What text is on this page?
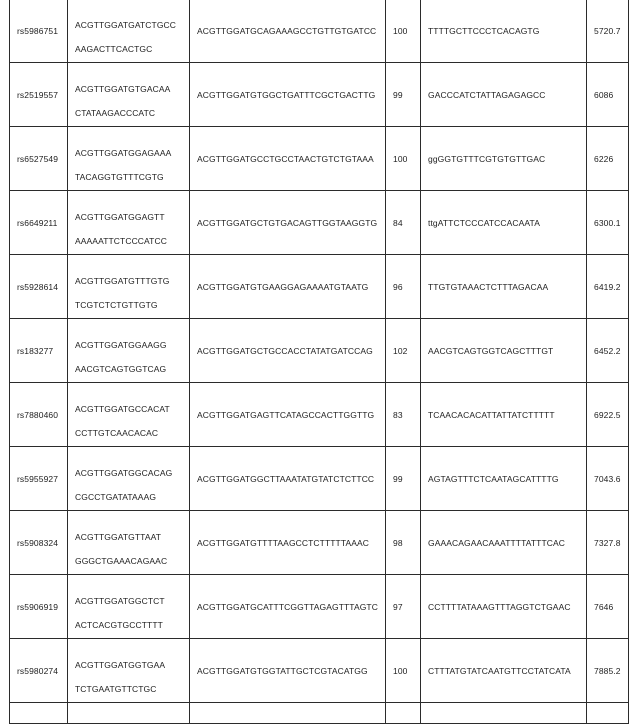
rs5986751	ACGTTGGATGATCTGCC
AAGACTTCACTGC	ACGTTGGATGCAGAAAGCCTGTTGTGATCC	100	TTTTGCTTCCCTCACAGTG	5720.7

rs2519557	ACGTTGGATGTGACAA
CTATAAGACCCATC	ACGTTGGATGTGGCTGATTTCGCTGACTTG	99	GACCCATCTATTAGAGAGCC	6086

rs6527549	ACGTTGGATGGAGAAA
TACAGGTGTTTCGTG	ACGTTGGATGCCTGCCTAACTGTCTGTAAA	100	ggGGTGTTTCGTGTGTTGAC	6226

rs6649211	ACGTTGGATGGAGTT
AAAAATTCTCCCATCC	ACGTTGGATGCTGTGACAGTTGGTAAGGTG	84	ttgATTCTCCCATCCACAATA	6300.1

rs5928614	ACGTTGGATGTTTGTG
TCGTCTCTGTTGTG	ACGTTGGATGTGAAGGAGAAAATGTAATG	96	TTGTGTAAACTCTTTAGACAA	6419.2

rs183277	ACGTTGGATGGAAGG
AACGTCAGTGGTCAG	ACGTTGGATGCTGCCACCTATATGATCCAG	102	AACGTCAGTGGTCAGCTTTGT	6452.2

rs7880460	ACGTTGGATGCCACAT
CCTTGTCAACACAC	ACGTTGGATGAGTTCATAGCCACTTGGTTG	83	TCAACACACATTATTATCTTTTT	6922.5

rs5955927	ACGTTGGATGGCACAG
CGCCTGATATAAAG	ACGTTGGATGGCTTAAATATGTATCTCTTCC	99	AGTAGTTTCTCAATAGCATTTTG	7043.6

rs5908324	ACGTTGGATGTTAAT
GGGCTGAAACAGAAC	ACGTTGGATGTTTTAAGCCTCTTTTTAAAC	98	GAAACAGAACAAATTTTATTTCAC	7327.8

rs5906919	ACGTTGGATGGCTCT
ACTCACGTGCCTTTT	ACGTTGGATGCATTTCGGTTAGAGTTTAGTC	97	CCTTTTATAAAGTTTAGGTCTGAAC	7646

rs5980274	ACGTTGGATGGTGAA
TCTGAATGTTCTGC	ACGTTGGATGTGGTATTGCTCGTACATGG	100	CTTTATGTATCAATGTTCCTATCATA	7885.2
